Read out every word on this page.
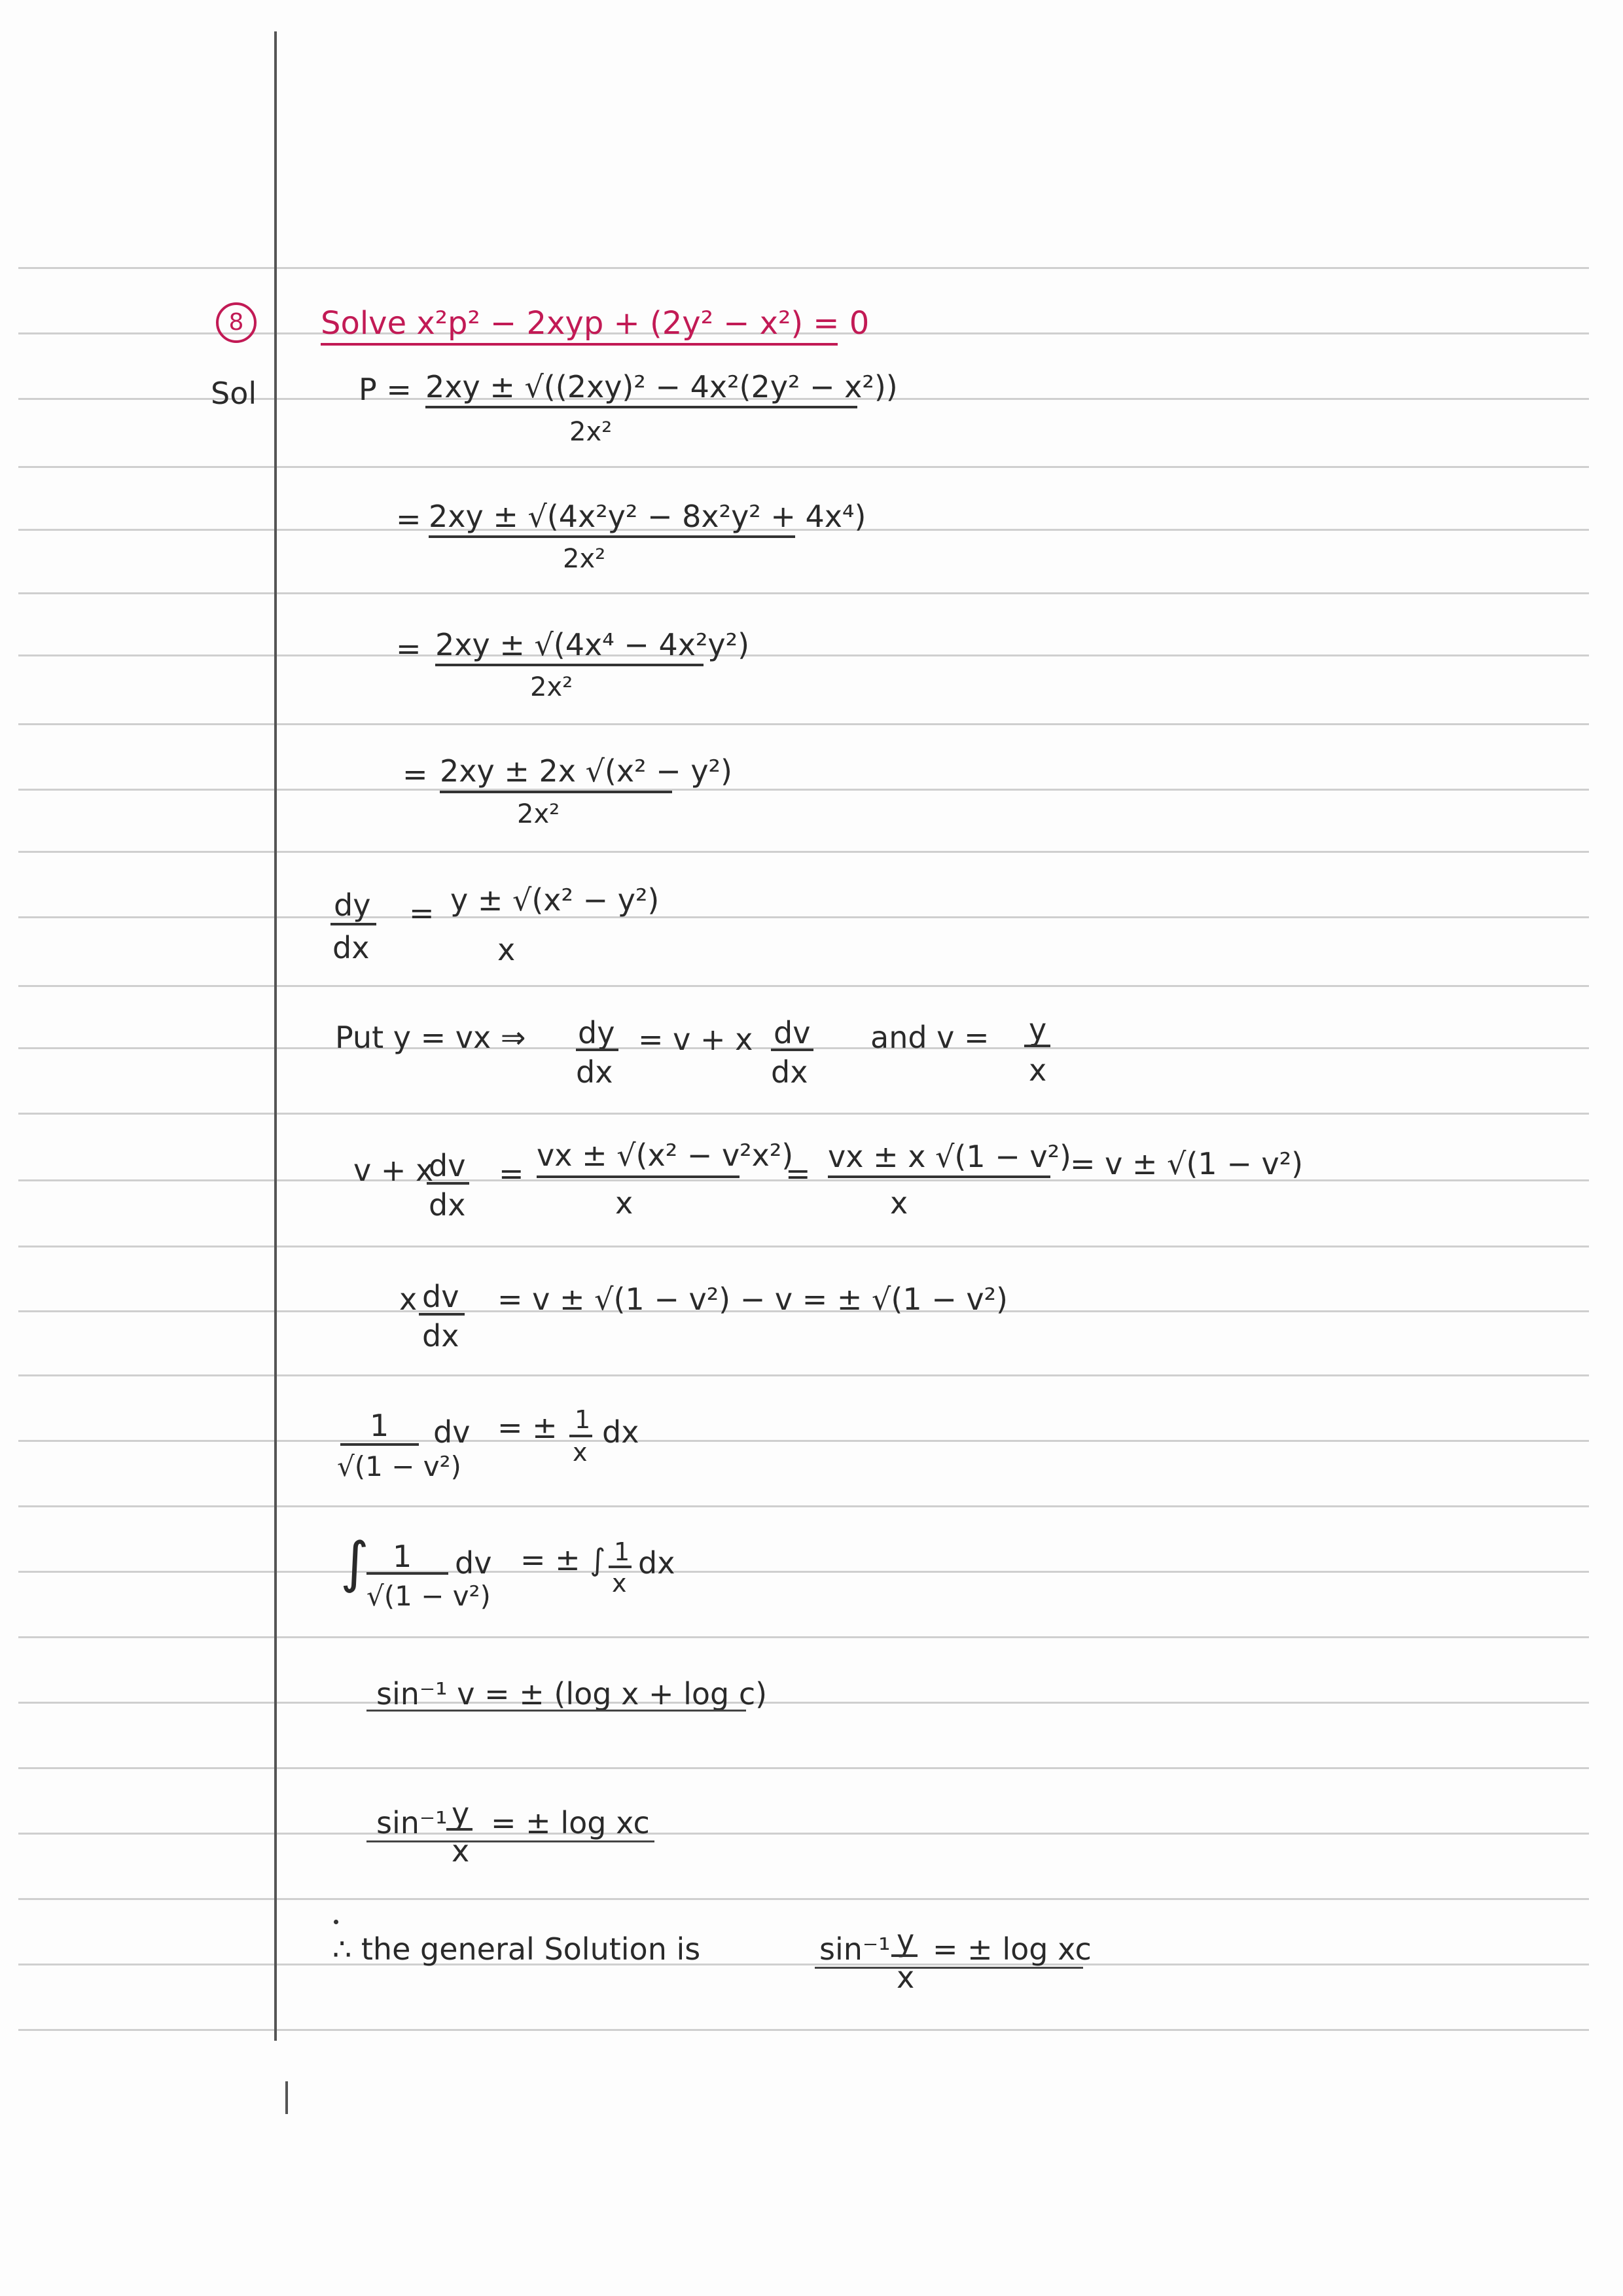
8	Solve x²p² − 2xyp + (2y² − x²) = 0
Sol	P = 2xy ± √((2xy)² − 4x²(2y² − x²))
2x²
= 2xy ± √(4x²y² − 8x²y² + 4x⁴)
2x²
= 2xy ± √(4x⁴ − 4x²y²)
2x²
= 2xy ± 2x √(x² − y²)
2x²
dy
dx
= y ± √(x² − y²)
x
Put y = vx ⇒ dy
dx
= v + x dv
dx
and v = y
x
v + x
dv
dx
=
vx ± √(x² − v²x²)
x
= vx ± x √(1 − v²)
x
= v ± √(1 − v²)
x dv
dx
= v ± √(1 − v²) − v = ± √(1 − v²)
1
√(1 − v²)
dv = ± 1
x
dx
∫ 1
√(1 − v²)
dv = ± ∫ 1
x
dx
sin⁻¹ v = ± (log x + log c)
sin⁻¹ y
x
= ± log xc
∴ the general Solution is	sin⁻¹ y
x
= ± log xc
